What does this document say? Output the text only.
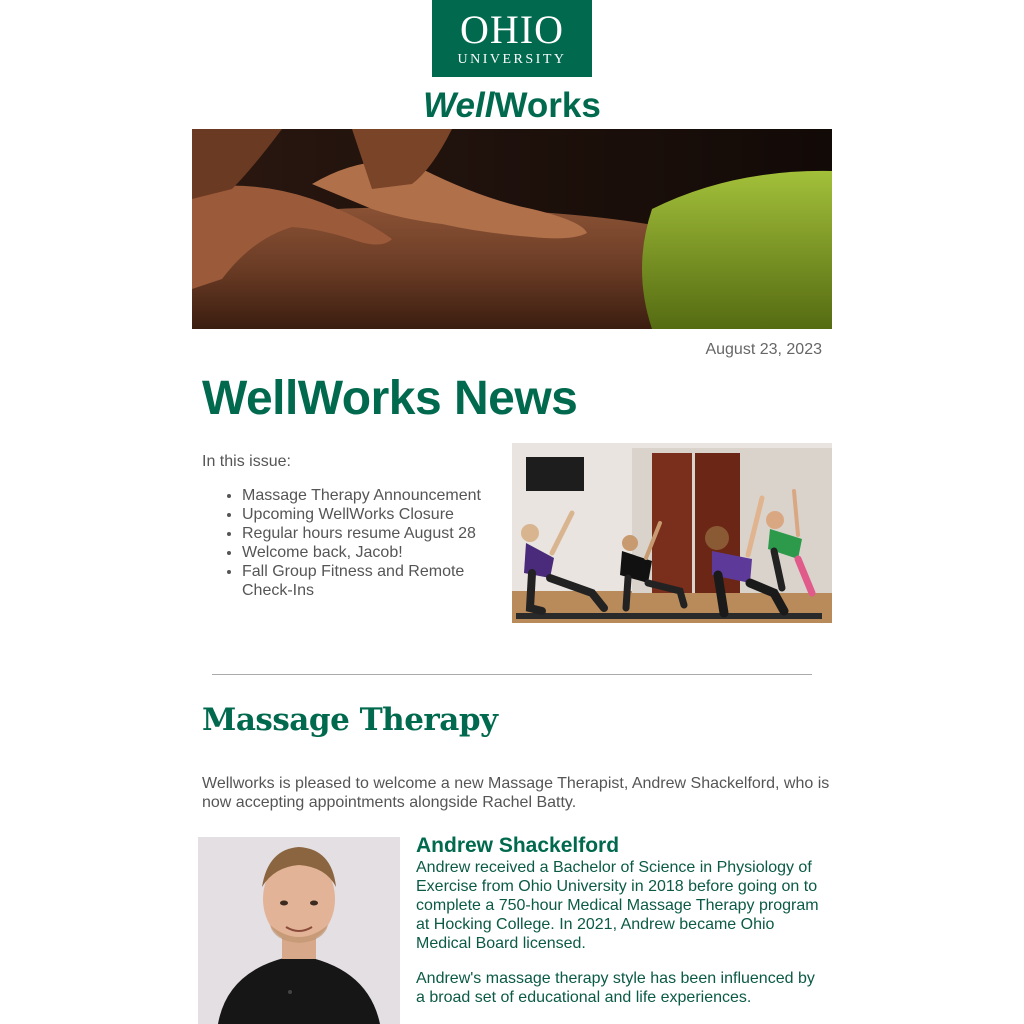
OHIO
UNIVERSITY
WellWorks
August 23, 2023
WellWorks News

In this issue:

• Massage Therapy Announcement
• Upcoming WellWorks Closure
• Regular hours resume August 28
• Welcome back, Jacob!
• Fall Group Fitness and Remote Check-Ins
Massage Therapy

Wellworks is pleased to welcome a new Massage Therapist, Andrew Shackelford, who is now accepting appointments alongside Rachel Batty.

Andrew Shackelford

Andrew received a Bachelor of Science in Physiology of Exercise from Ohio University in 2018 before going on to complete a 750-hour Medical Massage Therapy program at Hocking College. In 2021, Andrew became Ohio Medical Board licensed.

Andrew's massage therapy style has been influenced by a broad set of educational and life experiences.
